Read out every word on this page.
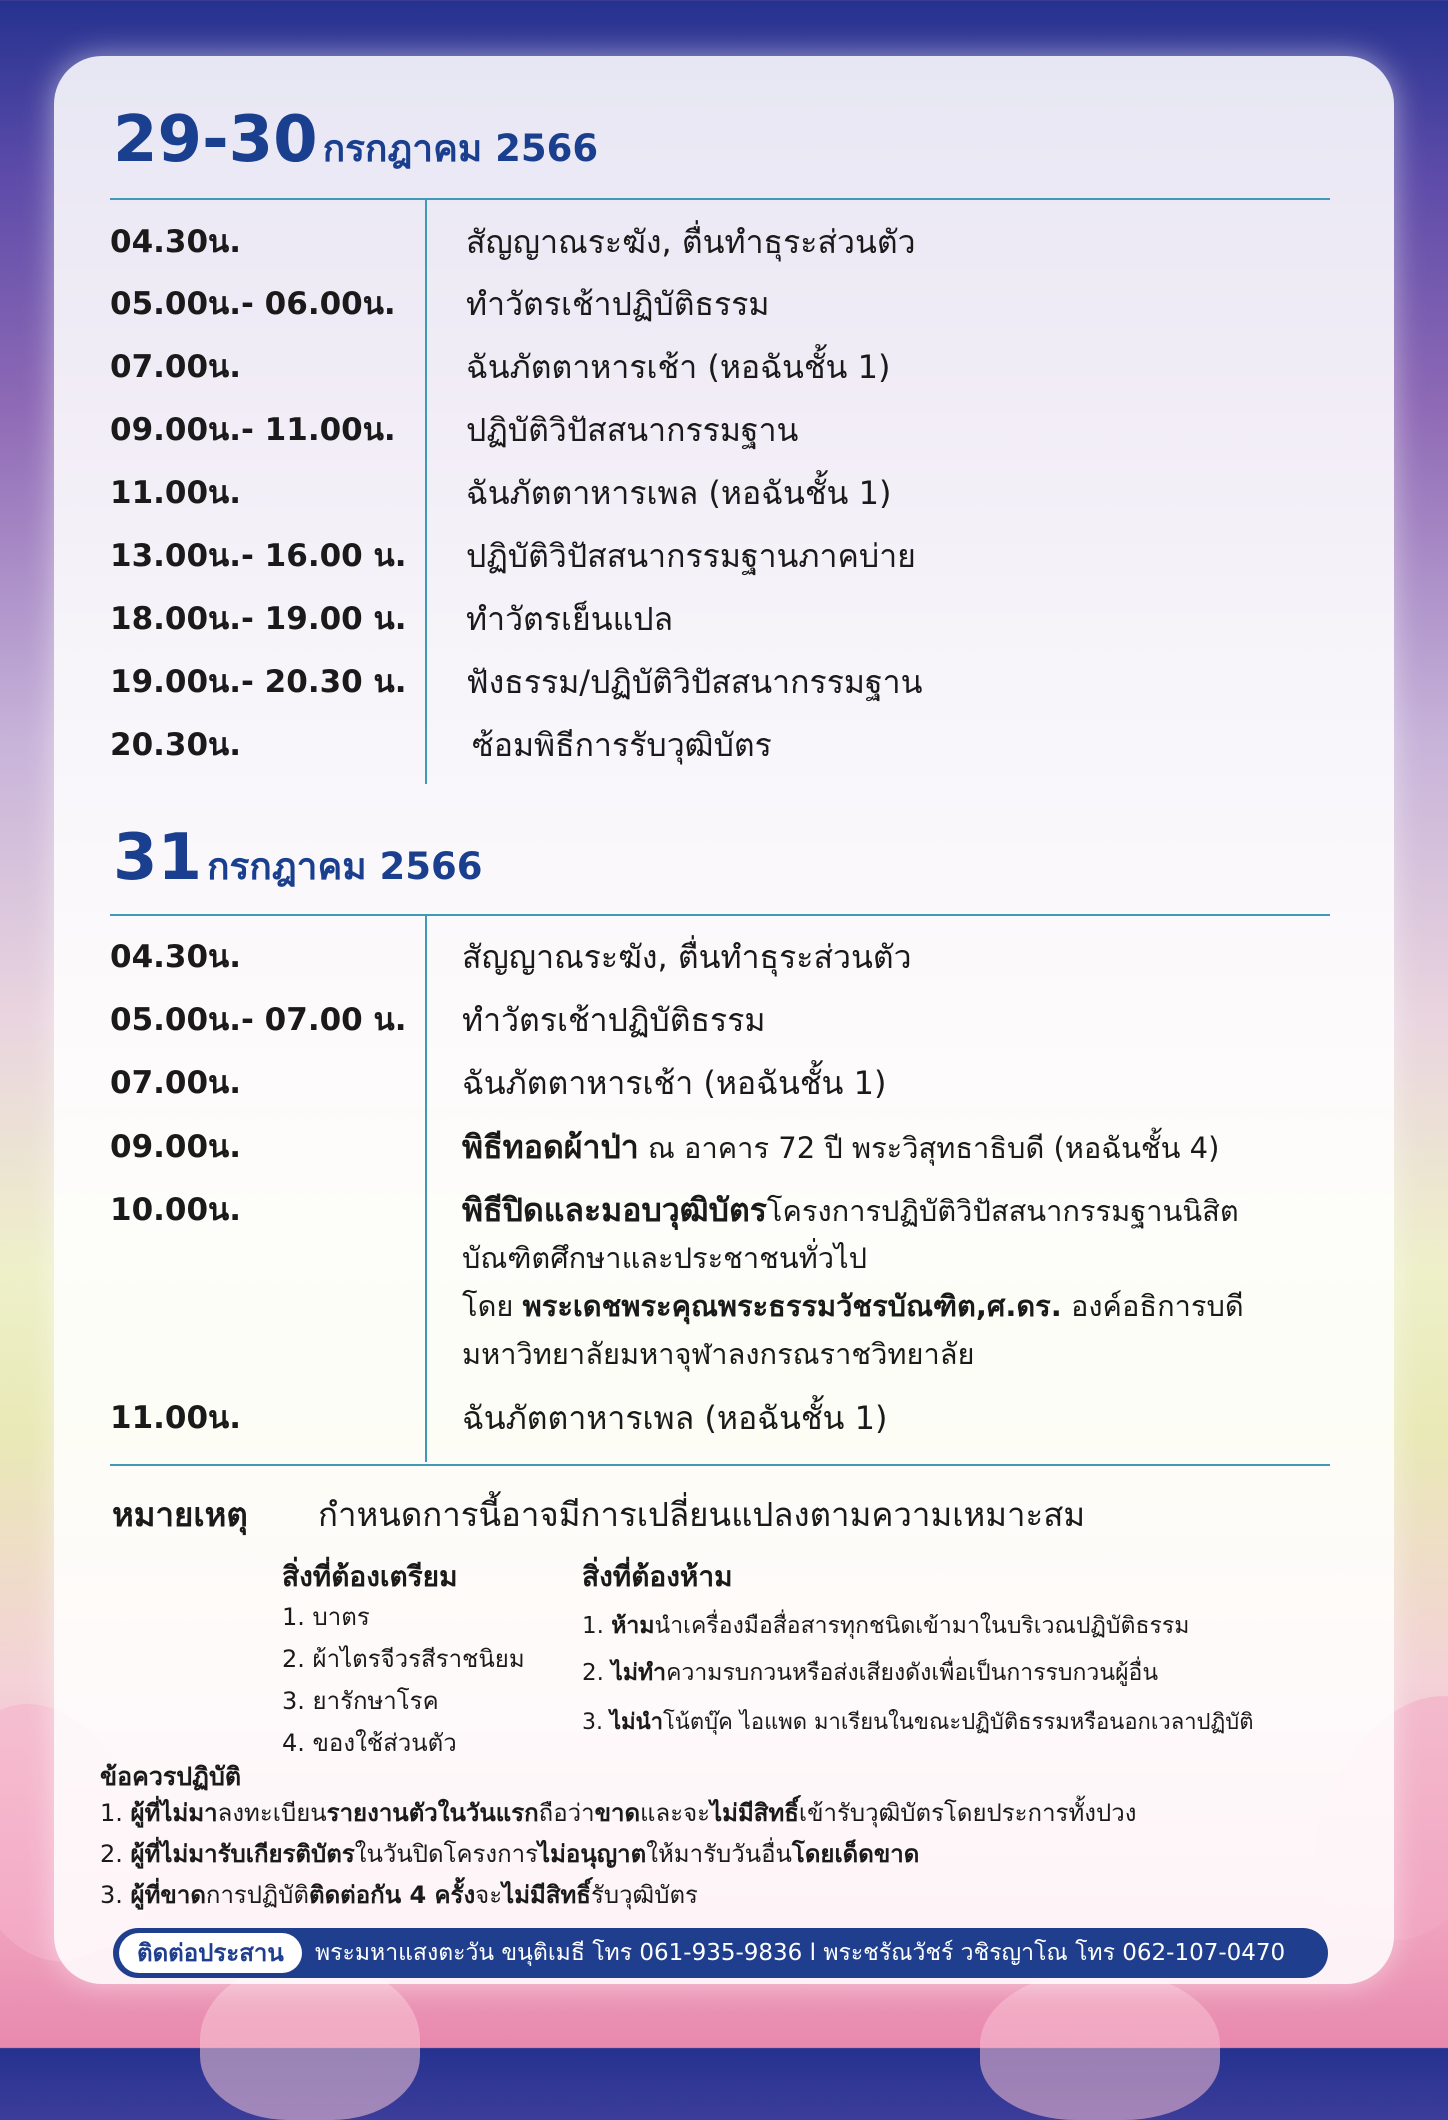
29-30 กรกฎาคม 2566
04.30น.	สัญญาณระฆัง, ตื่นทำธุระส่วนตัว
05.00น.- 06.00น. ทำวัตรเช้าปฏิบัติธรรม
07.00น.	ฉันภัตตาหารเช้า (หอฉันชั้น 1)
09.00น.- 11.00น. ปฏิบัติวิปัสสนากรรมฐาน
11.00น.	ฉันภัตตาหารเพล (หอฉันชั้น 1)
13.00น.- 16.00 น. ปฏิบัติวิปัสสนากรรมฐานภาคบ่าย
18.00น.- 19.00 น. ทำวัตรเย็นแปล
19.00น.- 20.30 น. ฟังธรรม/ปฏิบัติวิปัสสนากรรมฐาน
20.30น.	ซ้อมพิธีการรับวุฒิบัตร
31 กรกฎาคม 2566
04.30น.	สัญญาณระฆัง, ตื่นทำธุระส่วนตัว
05.00น.- 07.00 น. ทำวัตรเช้าปฏิบัติธรรม
07.00น.	ฉันภัตตาหารเช้า (หอฉันชั้น 1)
09.00น.	พิธีทอดผ้าป่า ณ อาคาร 72 ปี พระวิสุทธาธิบดี (หอฉันชั้น 4)
10.00น.	พิธีปิดและมอบวุฒิบัตรโครงการปฏิบัติวิปัสสนากรรมฐานนิสิต
บัณฑิตศึกษาและประชาชนทั่วไป
โดย พระเดชพระคุณพระธรรมวัชรบัณฑิต,ศ.ดร. องค์อธิการบดี
มหาวิทยาลัยมหาจุฬาลงกรณราชวิทยาลัย
11.00น.	ฉันภัตตาหารเพล (หอฉันชั้น 1)
หมายเหตุ กำหนดการนี้อาจมีการเปลี่ยนแปลงตามความเหมาะสม
สิ่งที่ต้องเตรียม
1. บาตร
2. ผ้าไตรจีวรสีราชนิยม
3. ยารักษาโรค
4. ของใช้ส่วนตัว
สิ่งที่ต้องห้าม
1. ห้ามนำเครื่องมือสื่อสารทุกชนิดเข้ามาในบริเวณปฏิบัติธรรม
2. ไม่ทำความรบกวนหรือส่งเสียงดังเพื่อเป็นการรบกวนผู้อื่น
3. ไม่นำโน้ตบุ๊ค ไอแพด มาเรียนในขณะปฏิบัติธรรมหรือนอกเวลาปฏิบัติ
ข้อควรปฏิบัติ
1. ผู้ที่ไม่มาลงทะเบียนรายงานตัวในวันแรกถือว่าขาดและจะไม่มีสิทธิ์เข้ารับวุฒิบัตรโดยประการทั้งปวง
2. ผู้ที่ไม่มารับเกียรติบัตรในวันปิดโครงการไม่อนุญาตให้มารับวันอื่นโดยเด็ดขาด
3. ผู้ที่ขาดการปฏิบัติติดต่อกัน 4 ครั้งจะไม่มีสิทธิ์รับวุฒิบัตร
ติดต่อประสาน	พระมหาแสงตะวัน ขนุติเมธี โทร 061-935-9836 l พระชรัณวัชร์ วชิรญาโณ โทร 062-107-0470
